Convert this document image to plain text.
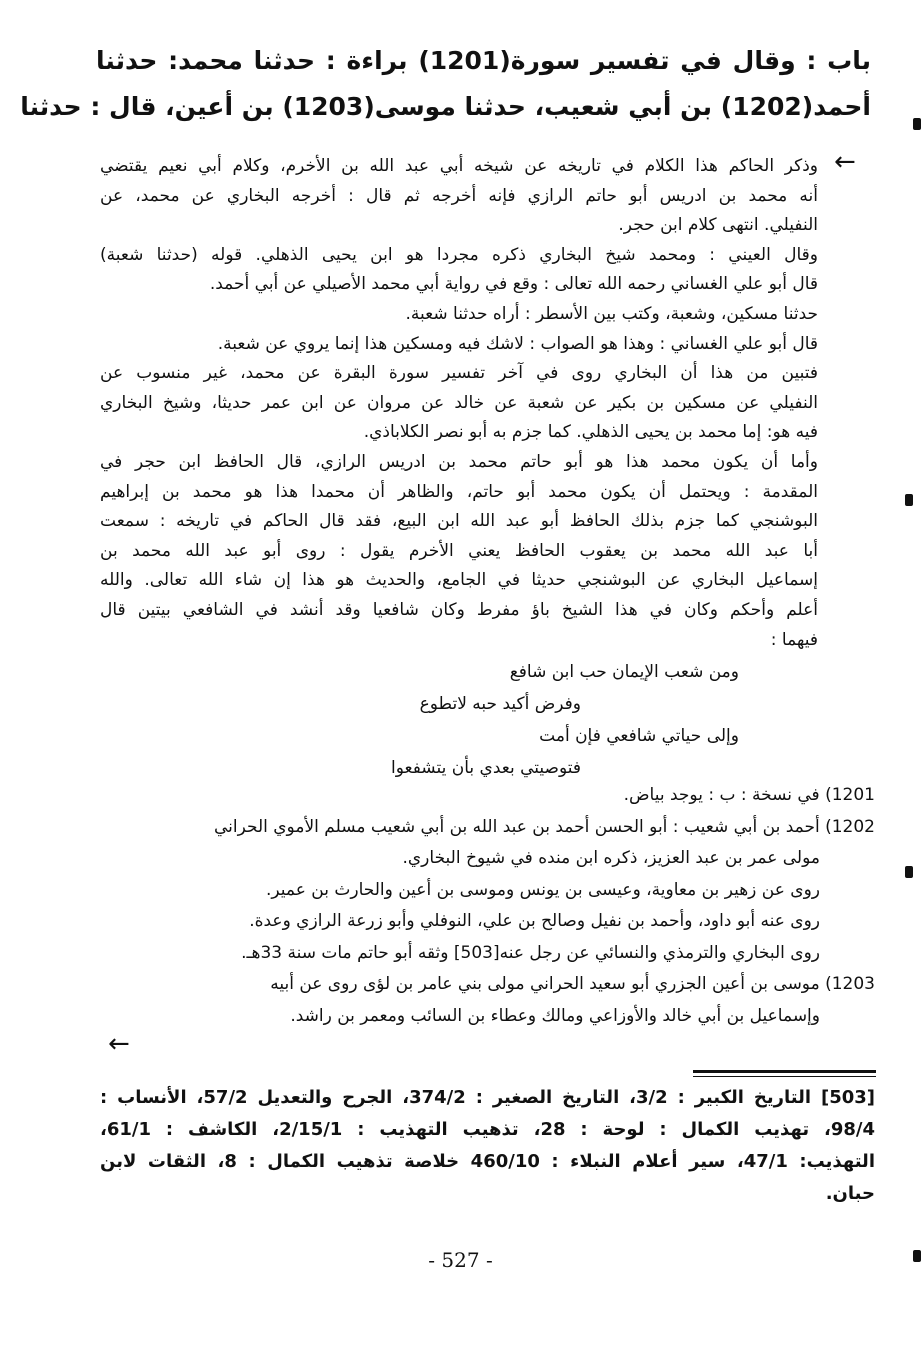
باب : وقال في تفسير سورة(1201) براءة : حدثنا محمد: حدثنا
أحمد(1202) بن أبي شعيب، حدثنا موسى(1203) بن أعين، قال : حدثنا
←
وذكر الحاكم هذا الكلام في تاريخه عن شيخه أبي عبد الله بن الأخرم، وكلام أبي نعيم يقتضي
أنه محمد بن ادريس أبو حاتم الرازي فإنه أخرجه ثم قال : أخرجه البخاري عن محمد، عن
النفيلي. انتهى كلام ابن حجر.
وقال العيني : ومحمد شيخ البخاري ذكره مجردا هو ابن يحيى الذهلي. قوله (حدثنا شعبة)
قال أبو علي الغساني رحمه الله تعالى : وقع في رواية أبي محمد الأصيلي عن أبي أحمد.
حدثنا مسكين، وشعبة، وكتب بين الأسطر : أراه حدثنا شعبة.
قال أبو علي الغساني : وهذا هو الصواب : لاشك فيه ومسكين هذا إنما يروي عن شعبة.
فتبين من هذا أن البخاري روى في آخر تفسير سورة البقرة عن محمد، غير منسوب عن
النفيلي عن مسكين بن بكير عن شعبة عن خالد عن مروان عن ابن عمر حديثا، وشيخ البخاري
فيه هو: إما محمد بن يحيى الذهلي. كما جزم به أبو نصر الكلاباذي.
وأما أن يكون محمد هذا هو أبو حاتم محمد بن ادريس الرازي، قال الحافظ ابن حجر في
المقدمة : ويحتمل أن يكون محمد أبو حاتم، والظاهر أن محمدا هذا هو محمد بن إبراهيم
البوشنجي كما جزم بذلك الحافظ أبو عبد الله ابن البيع، فقد قال الحاكم في تاريخه : سمعت
أبا عبد الله محمد بن يعقوب الحافظ يعني الأخرم يقول : روى أبو عبد الله محمد بن
إسماعيل البخاري عن البوشنجي حديثا في الجامع، والحديث هو هذا إن شاء الله تعالى. والله
أعلم وأحكم وكان في هذا الشيخ باؤ مفرط وكان شافعيا وقد أنشد في الشافعي بيتين قال
فيهما :
ومن شعب الإيمان حب ابن شافع
وفرض أكيد حبه لاتطوع
وإلى حياتي شافعي فإن أمت
فتوصيتي بعدي بأن يتشفعوا
1201) في نسخة : ب : يوجد بياض.
1202) أحمد بن أبي شعيب : أبو الحسن أحمد بن عبد الله بن أبي شعيب مسلم الأموي الحراني
مولى عمر بن عبد العزيز، ذكره ابن منده في شيوخ البخاري.
روى عن زهير بن معاوية، وعيسى بن يونس وموسى بن أعين والحارث بن عمير.
روى عنه أبو داود، وأحمد بن نفيل وصالح بن علي، النوفلي وأبو زرعة الرازي وعدة.
روى البخاري والترمذي والنسائي عن رجل عنه[503] وثقه أبو حاتم مات سنة 33هـ.
1203) موسى بن أعين الجزري أبو سعيد الحراني مولى بني عامر بن لؤى روى عن أبيه
وإسماعيل بن أبي خالد والأوزاعي ومالك وعطاء بن السائب ومعمر بن راشد.
←
[503] التاريخ الكبير : 3/2، التاريخ الصغير : 374/2، الجرح والتعديل 57/2، الأنساب :
98/4، تهذيب الكمال : لوحة : 28، تذهيب التهذيب : 2/15/1، الكاشف : 61/1،
التهذيب: 47/1، سير أعلام النبلاء : 460/10 خلاصة تذهيب الكمال : 8، الثقات لابن
حبان.
- 527 -
